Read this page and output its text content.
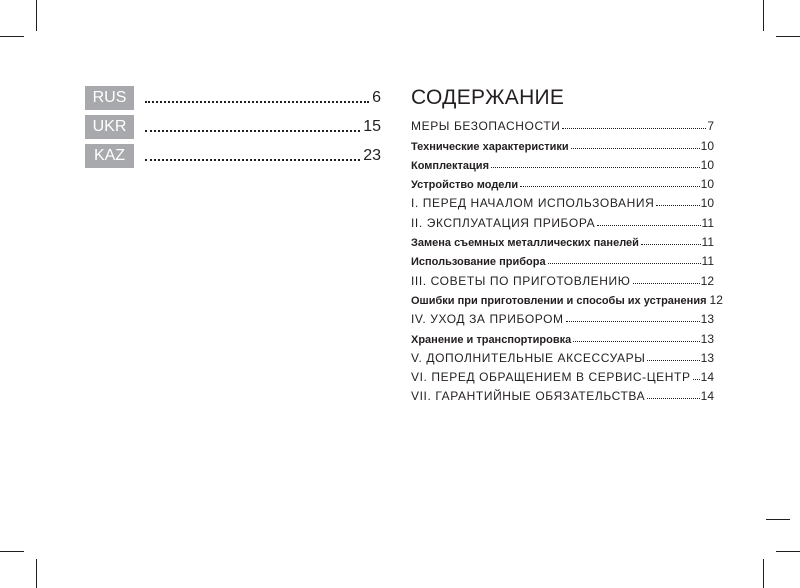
RUS	6
UKR	15
KAZ	23
СОДЕРЖАНИЕ
МЕРЫ БЕЗОПАСНОСТИ	7
Технические характеристики	10
Комплектация	10
Устройство модели	10
I. ПЕРЕД НАЧАЛОМ ИСПОЛЬЗОВАНИЯ	10
II. ЭКСПЛУАТАЦИЯ ПРИБОРА	11
Замена съемных металлических панелей	11
Использование прибора	11
III. СОВЕТЫ ПО ПРИГОТОВЛЕНИЮ	12
Ошибки при приготовлении и способы их устранения 12
IV. УХОД ЗА ПРИБОРОМ	13
Хранение и транспортировка	13
V. ДОПОЛНИТЕЛЬНЫЕ АКСЕССУАРЫ	13
VI. ПЕРЕД ОБРАЩЕНИЕМ В СЕРВИС-ЦЕНТР 14
VII. ГАРАНТИЙНЫЕ ОБЯЗАТЕЛЬСТВА	14
